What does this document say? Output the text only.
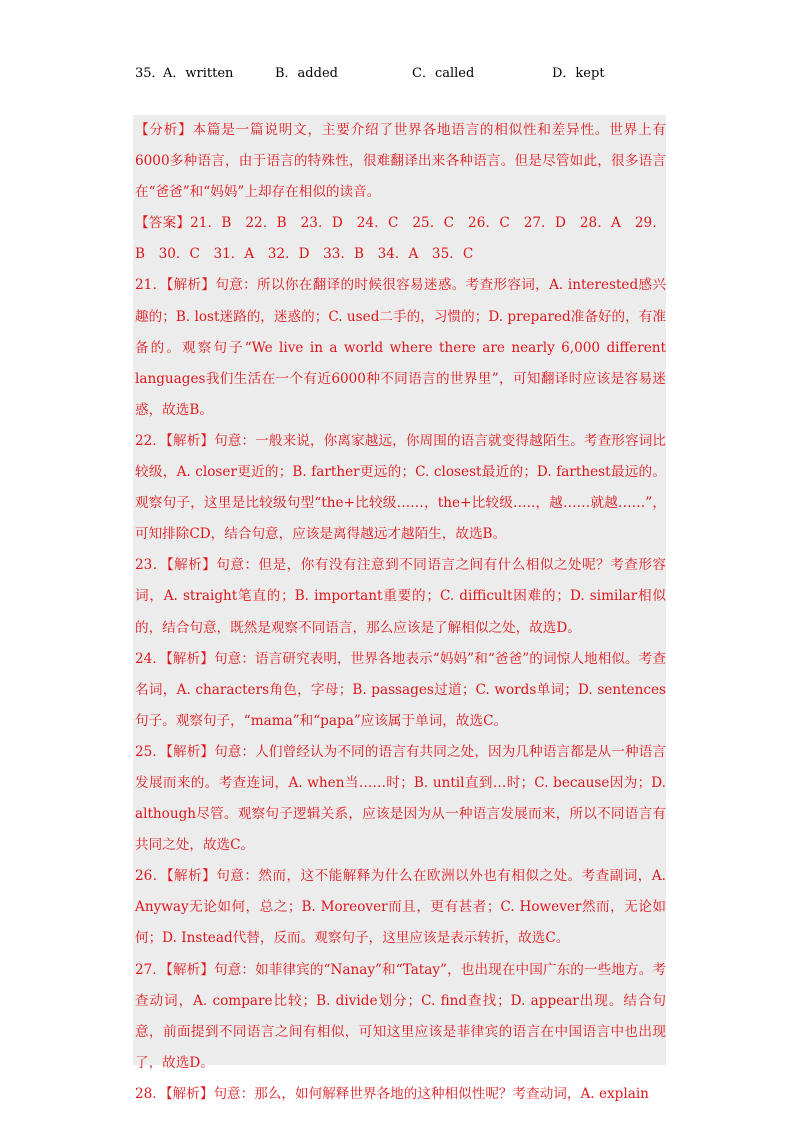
35．
A．written	B．added	C．called	D．kept

【分析】本篇是一篇说明文，主要介绍了世界各地语言的相似性和差异性。世界上有6000多种语言，由于语言的特殊性，很难翻译出来各种语言。但是尽管如此，很多语言在“爸爸”和“妈妈”上却存在相似的读音。

【答案】21．B　22．B　23．D　24．C　25．C　26．C　27．D　28．A　29．B　30．C　31．A　32．D　33．B　34．A　35．C

21．【解析】句意：所以你在翻译的时候很容易迷惑。考查形容词，A. interested感兴趣的；B. lost迷路的，迷惑的；C. used二手的，习惯的；D. prepared准备好的，有准备的。观察句子“We live in a world where there are nearly 6,000 different languages我们生活在一个有近6000种不同语言的世界里”，可知翻译时应该是容易迷惑，故选B。

22．【解析】句意：一般来说，你离家越远，你周围的语言就变得越陌生。考查形容词比较级，A. closer更近的；B. farther更远的；C. closest最近的；D. farthest最远的。观察句子，这里是比较级句型“the+比较级……，the+比较级…..，越……就越……”，可知排除CD，结合句意，应该是离得越远才越陌生，故选B。

23．【解析】句意：但是，你有没有注意到不同语言之间有什么相似之处呢？考查形容词，A. straight笔直的；B. important重要的；C. difficult困难的；D. similar相似的，结合句意，既然是观察不同语言，那么应该是了解相似之处，故选D。

24．【解析】句意：语言研究表明，世界各地表示“妈妈”和“爸爸”的词惊人地相似。考查名词，A. characters角色，字母；B. passages过道；C. words单词；D. sentences句子。观察句子，“mama”和“papa”应该属于单词，故选C。

25．【解析】句意：人们曾经认为不同的语言有共同之处，因为几种语言都是从一种语言发展而来的。考查连词，A. when当……时；B. until直到…时；C. because因为；D. although尽管。观察句子逻辑关系，应该是因为从一种语言发展而来，所以不同语言有共同之处，故选C。

26．【解析】句意：然而，这不能解释为什么在欧洲以外也有相似之处。考查副词，A. Anyway无论如何，总之；B. Moreover而且，更有甚者；C. However然而，无论如何；D. Instead代替，反而。观察句子，这里应该是表示转折，故选C。

27．【解析】句意：如菲律宾的“Nanay”和“Tatay”，也出现在中国广东的一些地方。考查动词，A. compare比较；B. divide划分；C. find查找；D. appear出现。结合句意，前面提到不同语言之间有相似，可知这里应该是菲律宾的语言在中国语言中也出现了，故选D。

28．【解析】句意：那么，如何解释世界各地的这种相似性呢？考查动词，A. explain
